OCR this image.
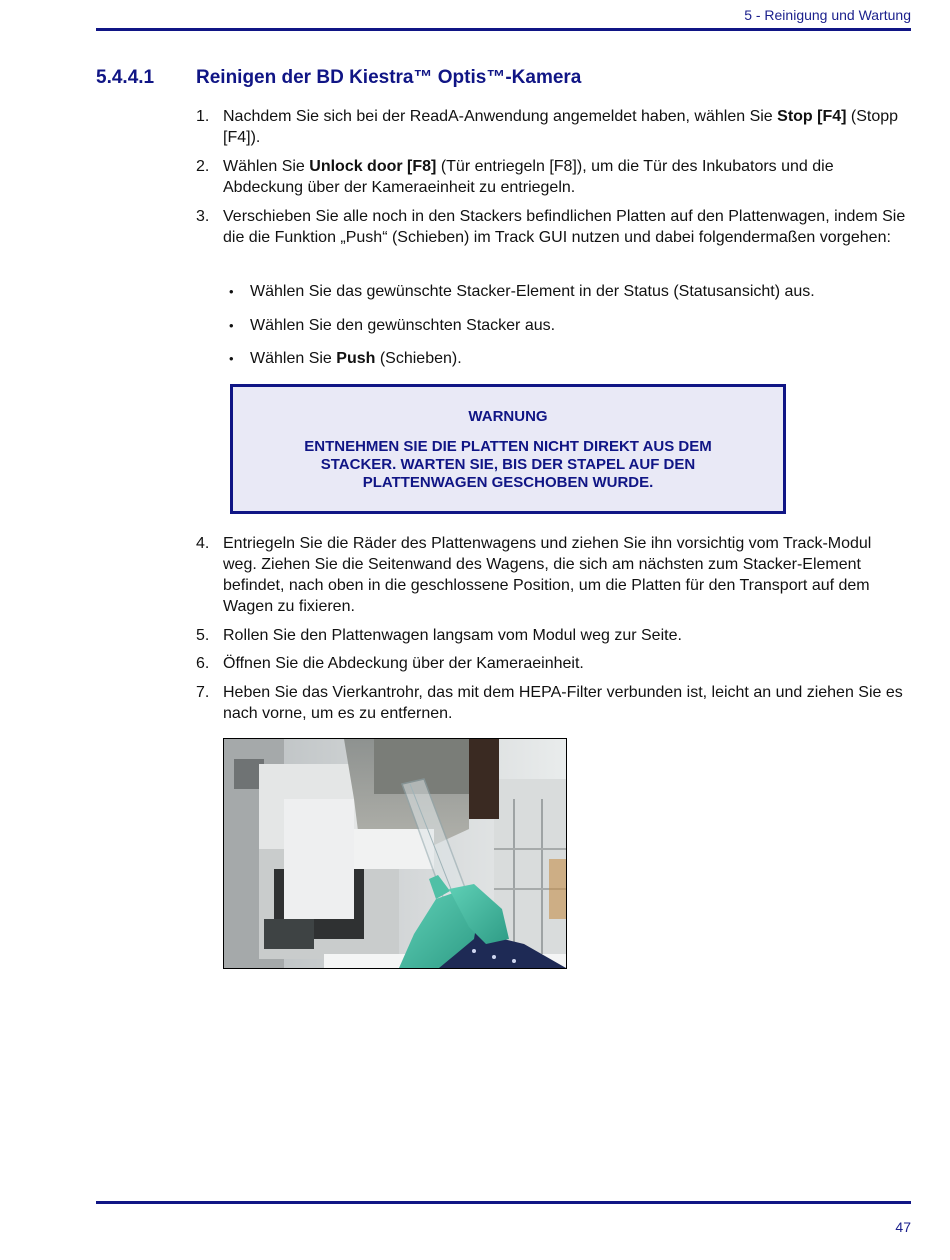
5 - Reinigung und Wartung
5.4.4.1 Reinigen der BD Kiestra™ Optis™-Kamera
1. Nachdem Sie sich bei der ReadA-Anwendung angemeldet haben, wählen Sie Stop [F4] (Stopp [F4]).
2. Wählen Sie Unlock door [F8] (Tür entriegeln [F8]), um die Tür des Inkubators und die Abdeckung über der Kameraeinheit zu entriegeln.
3. Verschieben Sie alle noch in den Stackers befindlichen Platten auf den Plattenwagen, indem Sie die die Funktion „Push“ (Schieben) im Track GUI nutzen und dabei folgendermaßen vorgehen:
• Wählen Sie das gewünschte Stacker-Element in der Status (Statusansicht) aus.
• Wählen Sie den gewünschten Stacker aus.
• Wählen Sie Push (Schieben).
WARNUNG
ENTNEHMEN SIE DIE PLATTEN NICHT DIREKT AUS DEM STACKER. WARTEN SIE, BIS DER STAPEL AUF DEN PLATTENWAGEN GESCHOBEN WURDE.
4. Entriegeln Sie die Räder des Plattenwagens und ziehen Sie ihn vorsichtig vom Track-Modul weg. Ziehen Sie die Seitenwand des Wagens, die sich am nächsten zum Stacker-Element befindet, nach oben in die geschlossene Position, um die Platten für den Transport auf dem Wagen zu fixieren.
5. Rollen Sie den Plattenwagen langsam vom Modul weg zur Seite.
6. Öffnen Sie die Abdeckung über der Kameraeinheit.
7. Heben Sie das Vierkantrohr, das mit dem HEPA-Filter verbunden ist, leicht an und ziehen Sie es nach vorne, um es zu entfernen.
47
